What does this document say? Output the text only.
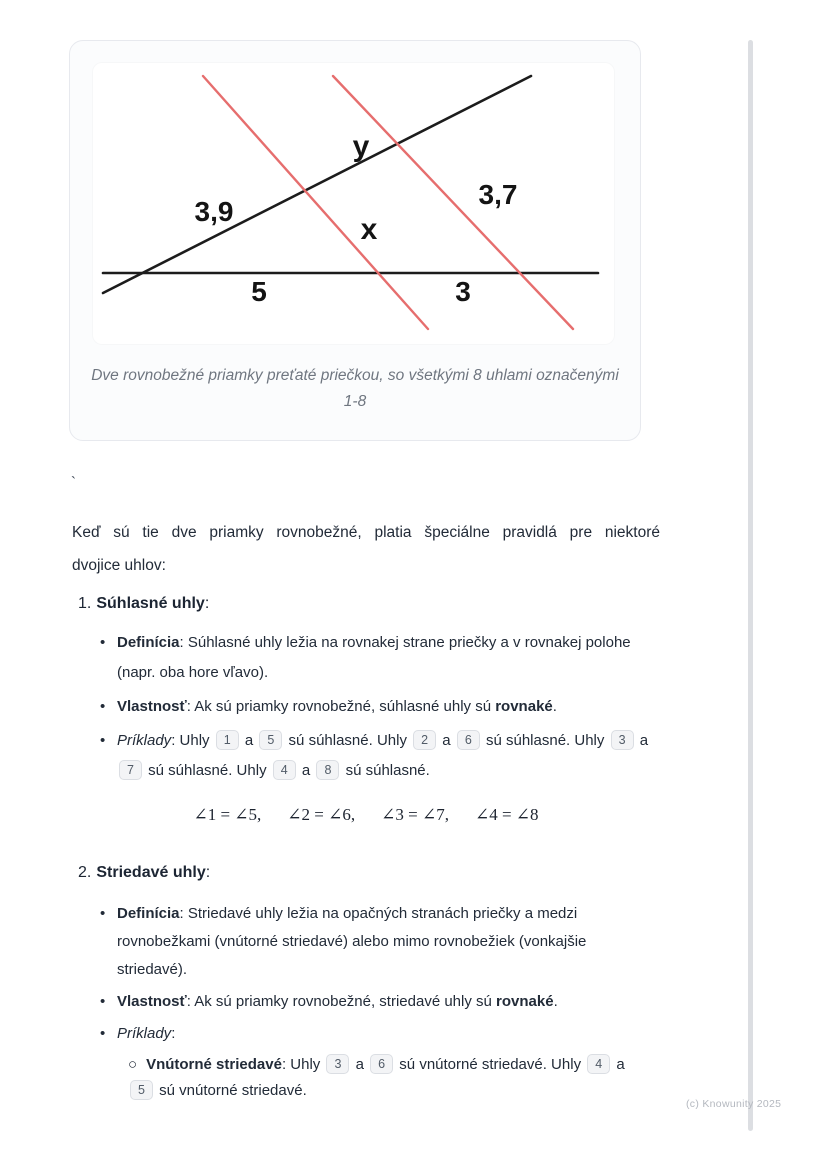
y
3,9
x
3,7
5	3
Dve rovnobežné priamky preťaté priečkou, so všetkými 8 uhlami označenými
1-8
`
Keď sú tie dve priamky rovnobežné, platia špeciálne pravidlá pre niektoré
dvojice uhlov:
1. Súhlasné uhly:
• Definícia: Súhlasné uhly ležia na rovnakej strane priečky a v rovnakej polohe (napr. oba hore vľavo).
• Vlastnosť: Ak sú priamky rovnobežné, súhlasné uhly sú rovnaké.
• Príklady: Uhly 1 a 5 sú súhlasné. Uhly 2 a 6 sú súhlasné. Uhly 3 a 7 sú súhlasné. Uhly 4 a 8 sú súhlasné.
∠1 = ∠5, ∠2 = ∠6, ∠3 = ∠7, ∠4 = ∠8
2. Striedavé uhly:
• Definícia: Striedavé uhly ležia na opačných stranách priečky a medzi rovnobežkami (vnútorné striedavé) alebo mimo rovnobežiek (vonkajšie striedavé).
• Vlastnosť: Ak sú priamky rovnobežné, striedavé uhly sú rovnaké.
• Príklady:
○ Vnútorné striedavé: Uhly 3 a 6 sú vnútorné striedavé. Uhly 4 a 5 sú vnútorné striedavé.
(c) Knowunity 2025
